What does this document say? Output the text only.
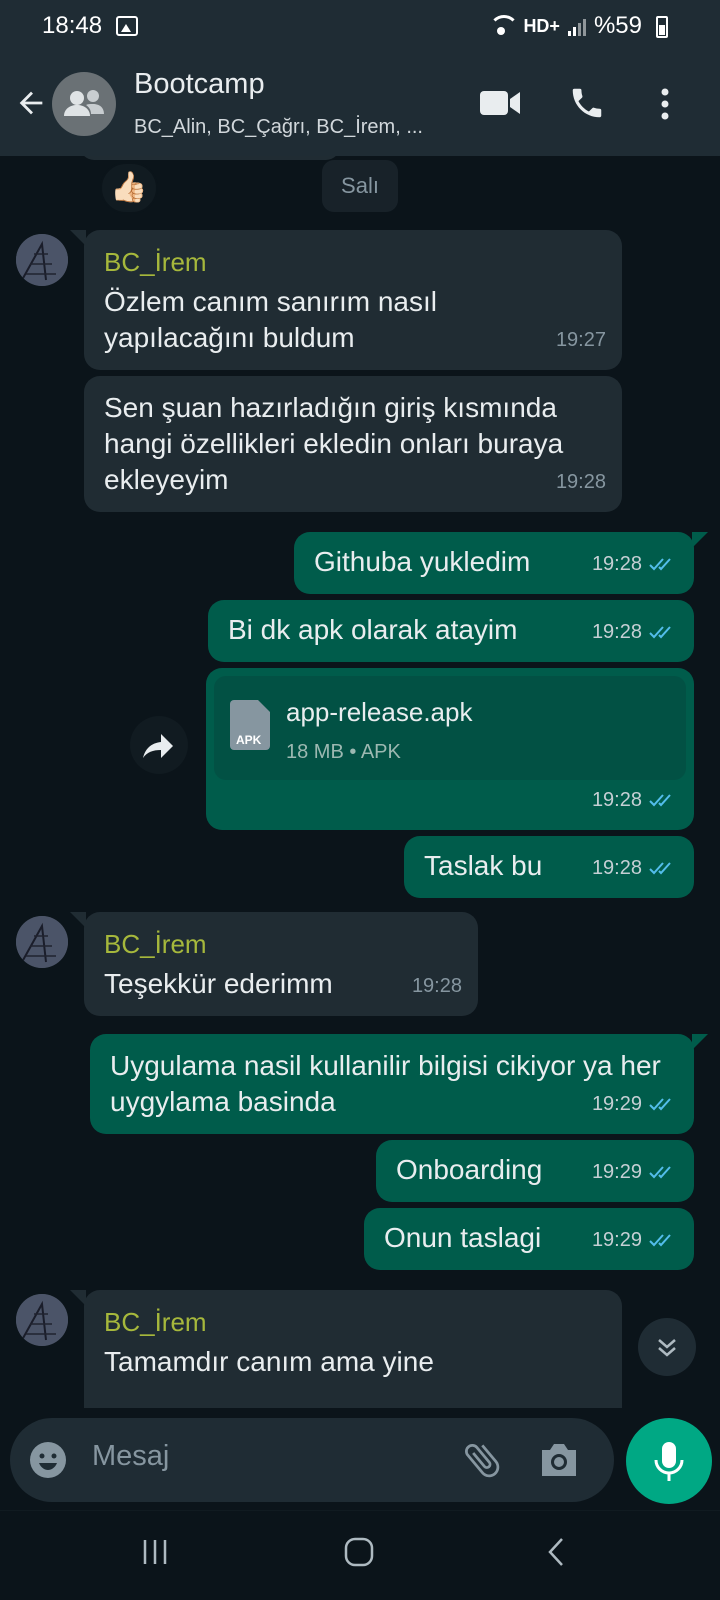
18:48	HD+ %59
Bootcamp
BC_Alin, BC_Çağrı, BC_İrem, ...
👍🏻	Salı
BC_İrem
Özlem canım sanırım nasıl yapılacağını buldum	19:27
Sen şuan hazırladığın giriş kısmında hangi özellikleri ekledin onları buraya ekleyeyim	19:28
Githuba yukledim	19:28
Bi dk apk olarak atayim	19:28
APK
app-release.apk
18 MB • APK
19:28
Taslak bu	19:28
BC_İrem
Teşekkür ederimm	19:28
Uygulama nasil kullanilir bilgisi cikiyor ya her uygylama basinda	19:29
Onboarding	19:29
Onun taslagi	19:29
BC_İrem
Tamamdır canım ama yine
Mesaj
